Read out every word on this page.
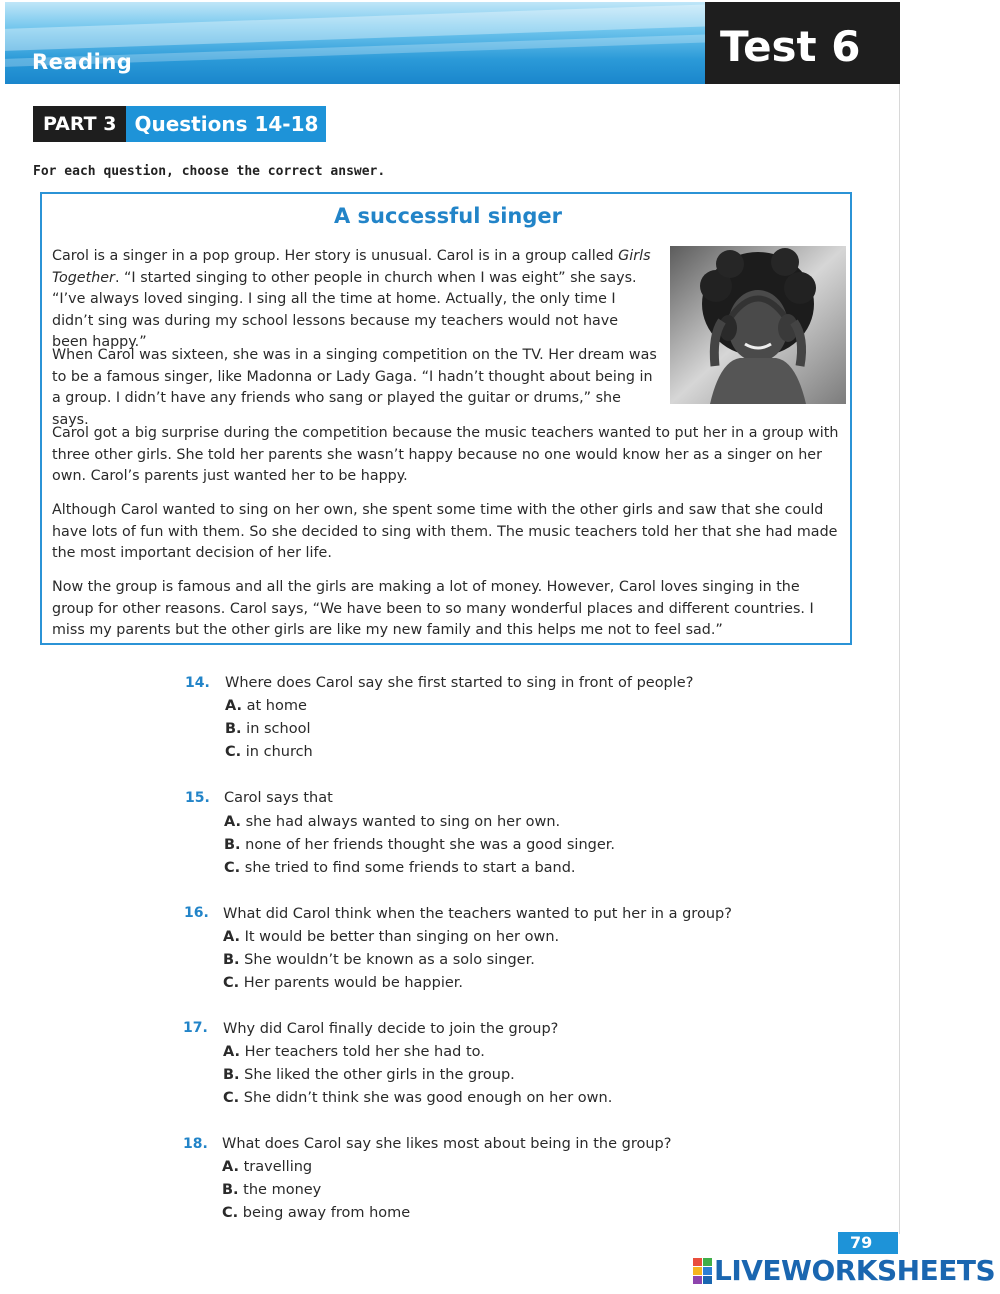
Reading	Test 6
PART 3 Questions 14-18
For each question, choose the correct answer.
A successful singer
Carol is a singer in a pop group. Her story is unusual. Carol is in a group called Girls Together. “I started singing to other people in church when I was eight” she says. “I’ve always loved singing. I sing all the time at home. Actually, the only time I didn’t sing was during my school lessons because my teachers would not have been happy.”
When Carol was sixteen, she was in a singing competition on the TV. Her dream was to be a famous singer, like Madonna or Lady Gaga. “I hadn’t thought about being in a group. I didn’t have any friends who sang or played the guitar or drums,” she says.
Carol got a big surprise during the competition because the music teachers wanted to put her in a group with three other girls. She told her parents she wasn’t happy because no one would know her as a singer on her own. Carol’s parents just wanted her to be happy.
Although Carol wanted to sing on her own, she spent some time with the other girls and saw that she could have lots of fun with them. So she decided to sing with them. The music teachers told her that she had made the most important decision of her life.
Now the group is famous and all the girls are making a lot of money. However, Carol loves singing in the group for other reasons. Carol says, “We have been to so many wonderful places and different countries. I miss my parents but the other girls are like my new family and this helps me not to feel sad.”
14. Where does Carol say she first started to sing in front of people?
A. at home
B. in school
C. in church
15. Carol says that
A. she had always wanted to sing on her own.
B. none of her friends thought she was a good singer.
C. she tried to find some friends to start a band.
16. What did Carol think when the teachers wanted to put her in a group?
A. It would be better than singing on her own.
B. She wouldn’t be known as a solo singer.
C. Her parents would be happier.
17. Why did Carol finally decide to join the group?
A. Her teachers told her she had to.
B. She liked the other girls in the group.
C. She didn’t think she was good enough on her own.
18. What does Carol say she likes most about being in the group?
A. travelling
B. the money
C. being away from home
79
LIVEWORKSHEETS
